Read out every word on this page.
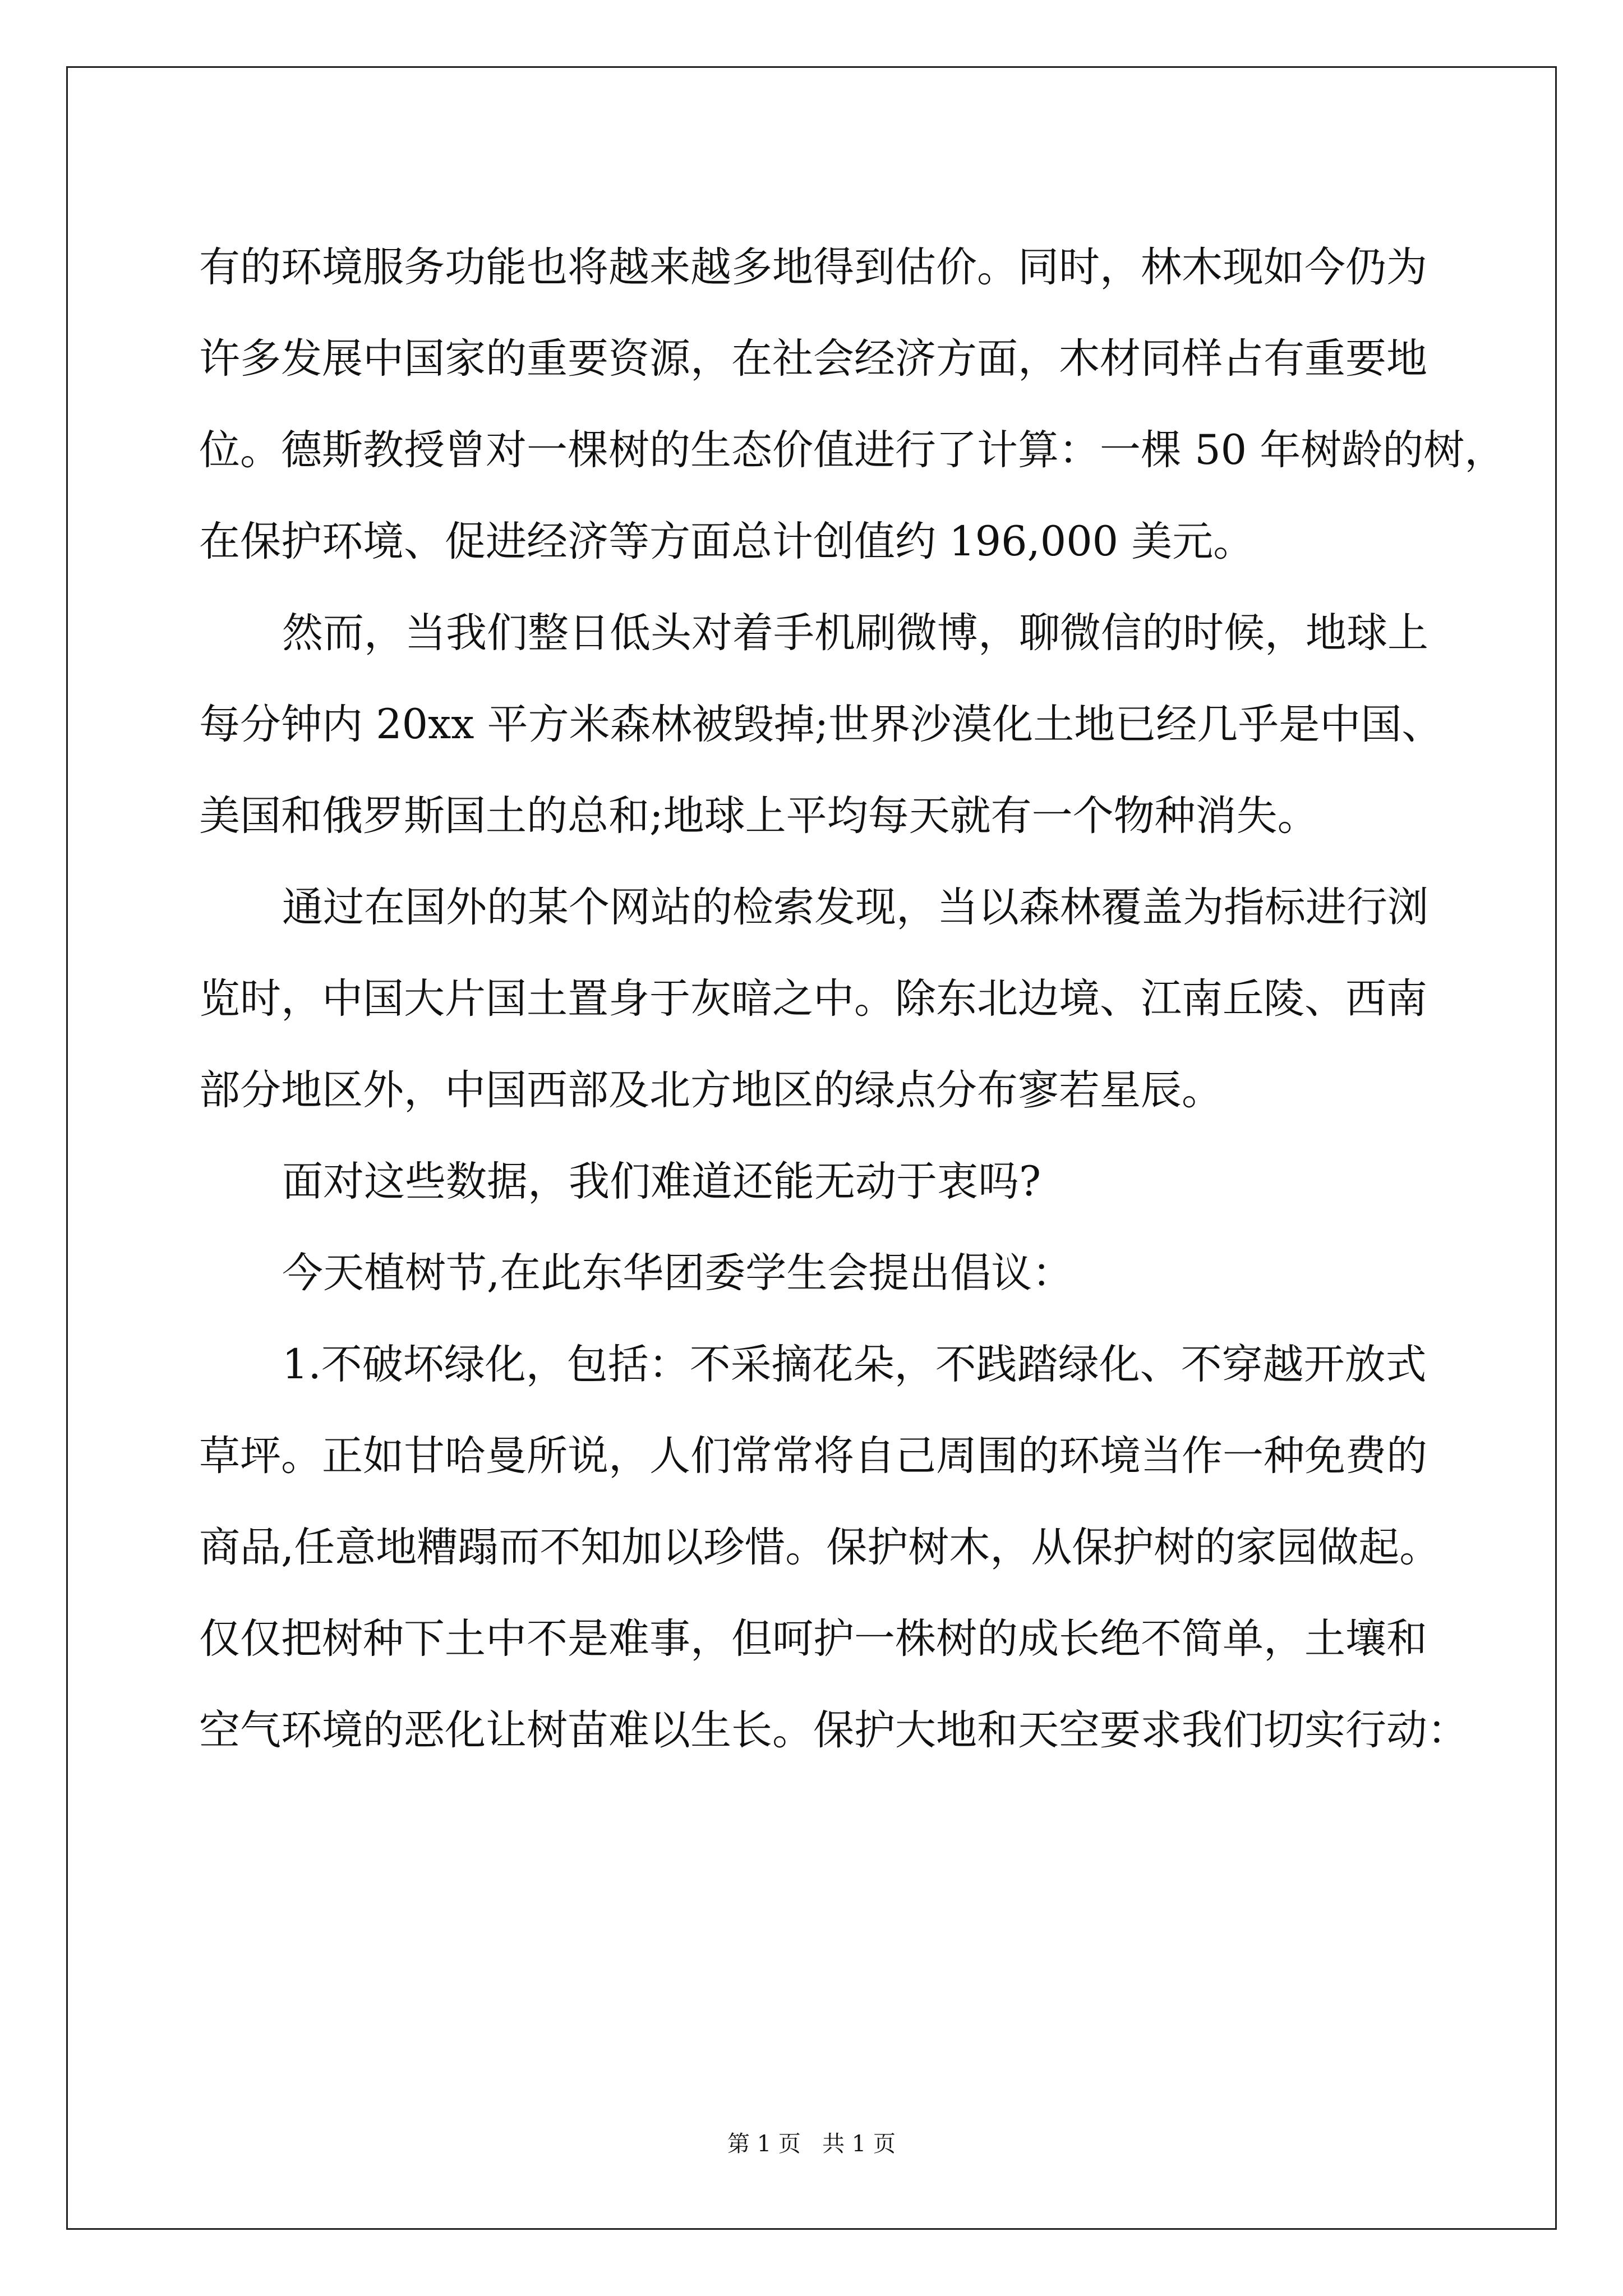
有的环境服务功能也将越来越多地得到估价。同时，林木现如今仍为
许多发展中国家的重要资源，在社会经济方面，木材同样占有重要地
位。德斯教授曾对一棵树的生态价值进行了计算：一棵 50 年树龄的树，
在保护环境、促进经济等方面总计创值约 196,000 美元。
然而，当我们整日低头对着手机刷微博，聊微信的时候，地球上
每分钟内 20xx 平方米森林被毁掉;世界沙漠化土地已经几乎是中国、
美国和俄罗斯国土的总和;地球上平均每天就有一个物种消失。
通过在国外的某个网站的检索发现，当以森林覆盖为指标进行浏
览时，中国大片国土置身于灰暗之中。除东北边境、江南丘陵、西南
部分地区外，中国西部及北方地区的绿点分布寥若星辰。
面对这些数据，我们难道还能无动于衷吗?
今天植树节,在此东华团委学生会提出倡议：
1.不破坏绿化，包括：不采摘花朵，不践踏绿化、不穿越开放式
草坪。正如甘哈曼所说，人们常常将自己周围的环境当作一种免费的
商品,任意地糟蹋而不知加以珍惜。保护树木，从保护树的家园做起。
仅仅把树种下土中不是难事，但呵护一株树的成长绝不简单，土壤和
空气环境的恶化让树苗难以生长。保护大地和天空要求我们切实行动：
第 1 页   共 1 页
